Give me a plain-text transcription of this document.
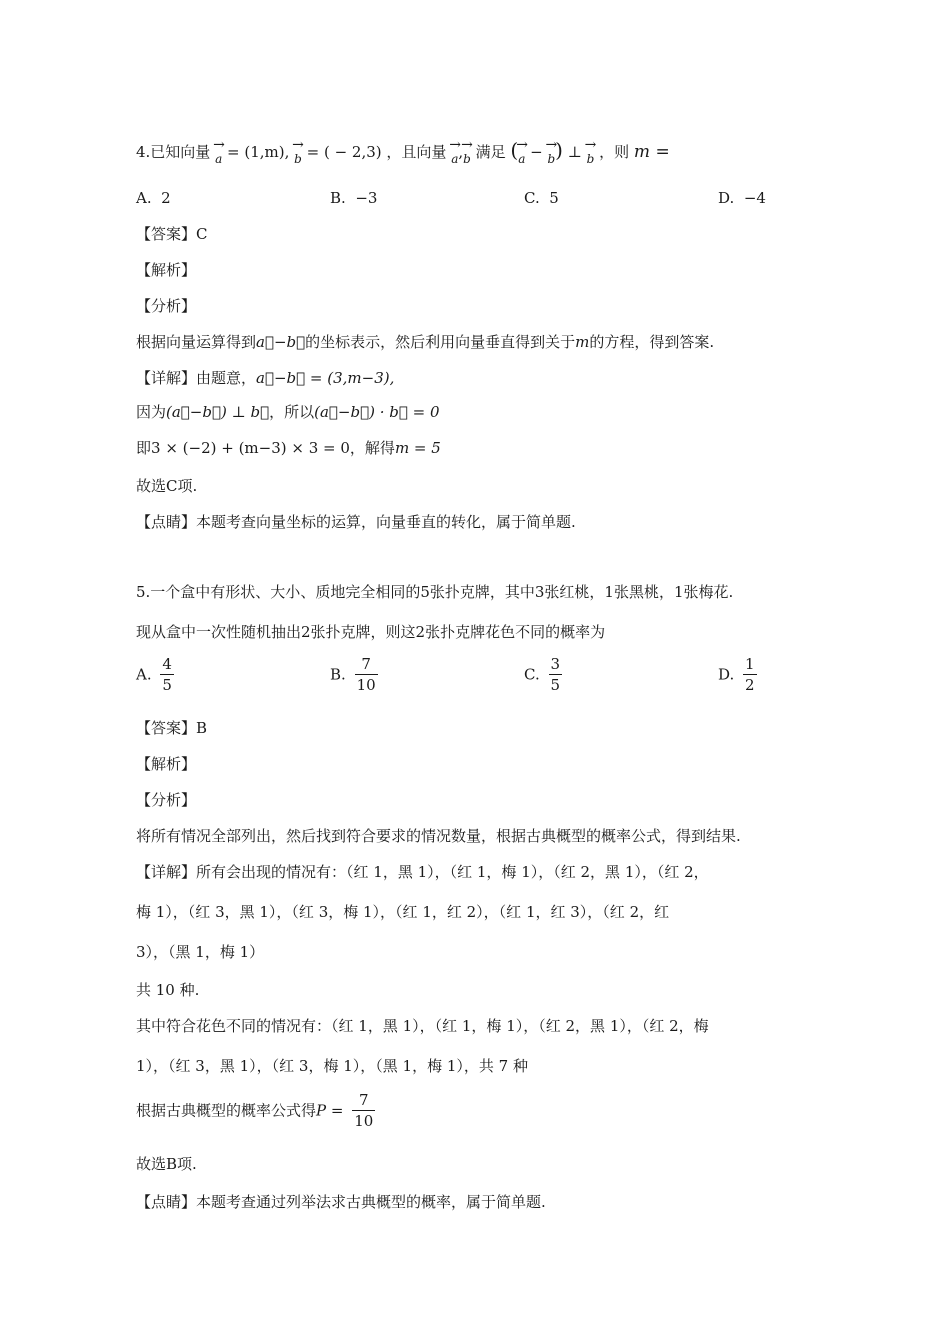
4.已知向量 →
a = (1,m), →
b = ( − 2,3) ，且向量 →
a,
→
b 满足 (
→
a −
→
b) ⊥ →
b ，则 m =
A. 2	B. −3	C. 5	D. −4
【答案】C
【解析】
【分析】
根据向量运算得到a⃗−b⃗的坐标表示，然后利用向量垂直得到关于m的方程，得到答案.
【详解】由题意，a⃗−b⃗ = (3,m−3),
因为(a⃗−b⃗) ⊥ b⃗，所以(a⃗−b⃗) · b⃗ = 0
即3 × (−2) + (m−3) × 3 = 0，解得m = 5
故选C项.
【点睛】本题考查向量坐标的运算，向量垂直的转化，属于简单题.
5.一个盒中有形状、大小、质地完全相同的5张扑克牌，其中3张红桃，1张黑桃，1张梅花.
现从盒中一次性随机抽出2张扑克牌，则这2张扑克牌花色不同的概率为
A. $\frac{4}{5}$	B. $\frac{7}{10}$	C. $\frac{3}{5}$	D. $\frac{1}{2}$
【答案】B
【解析】
【分析】
将所有情况全部列出，然后找到符合要求的情况数量，根据古典概型的概率公式，得到结果.
【详解】所有会出现的情况有：（红 1，黑 1），（红 1，梅 1），（红 2，黑 1），（红 2，
梅 1），（红 3，黑 1），（红 3，梅 1），（红 1，红 2），（红 1，红 3），（红 2，红
3），（黑 1，梅 1）
共 10 种.
其中符合花色不同的情况有：（红 1，黑 1），（红 1，梅 1），（红 2，黑 1），（红 2，梅
1），（红 3，黑 1），（红 3，梅 1），（黑 1，梅 1），共 7 种
根据古典概型的概率公式得$P = \frac{7}{10}$
故选B项.
【点睛】本题考查通过列举法求古典概型的概率，属于简单题.
